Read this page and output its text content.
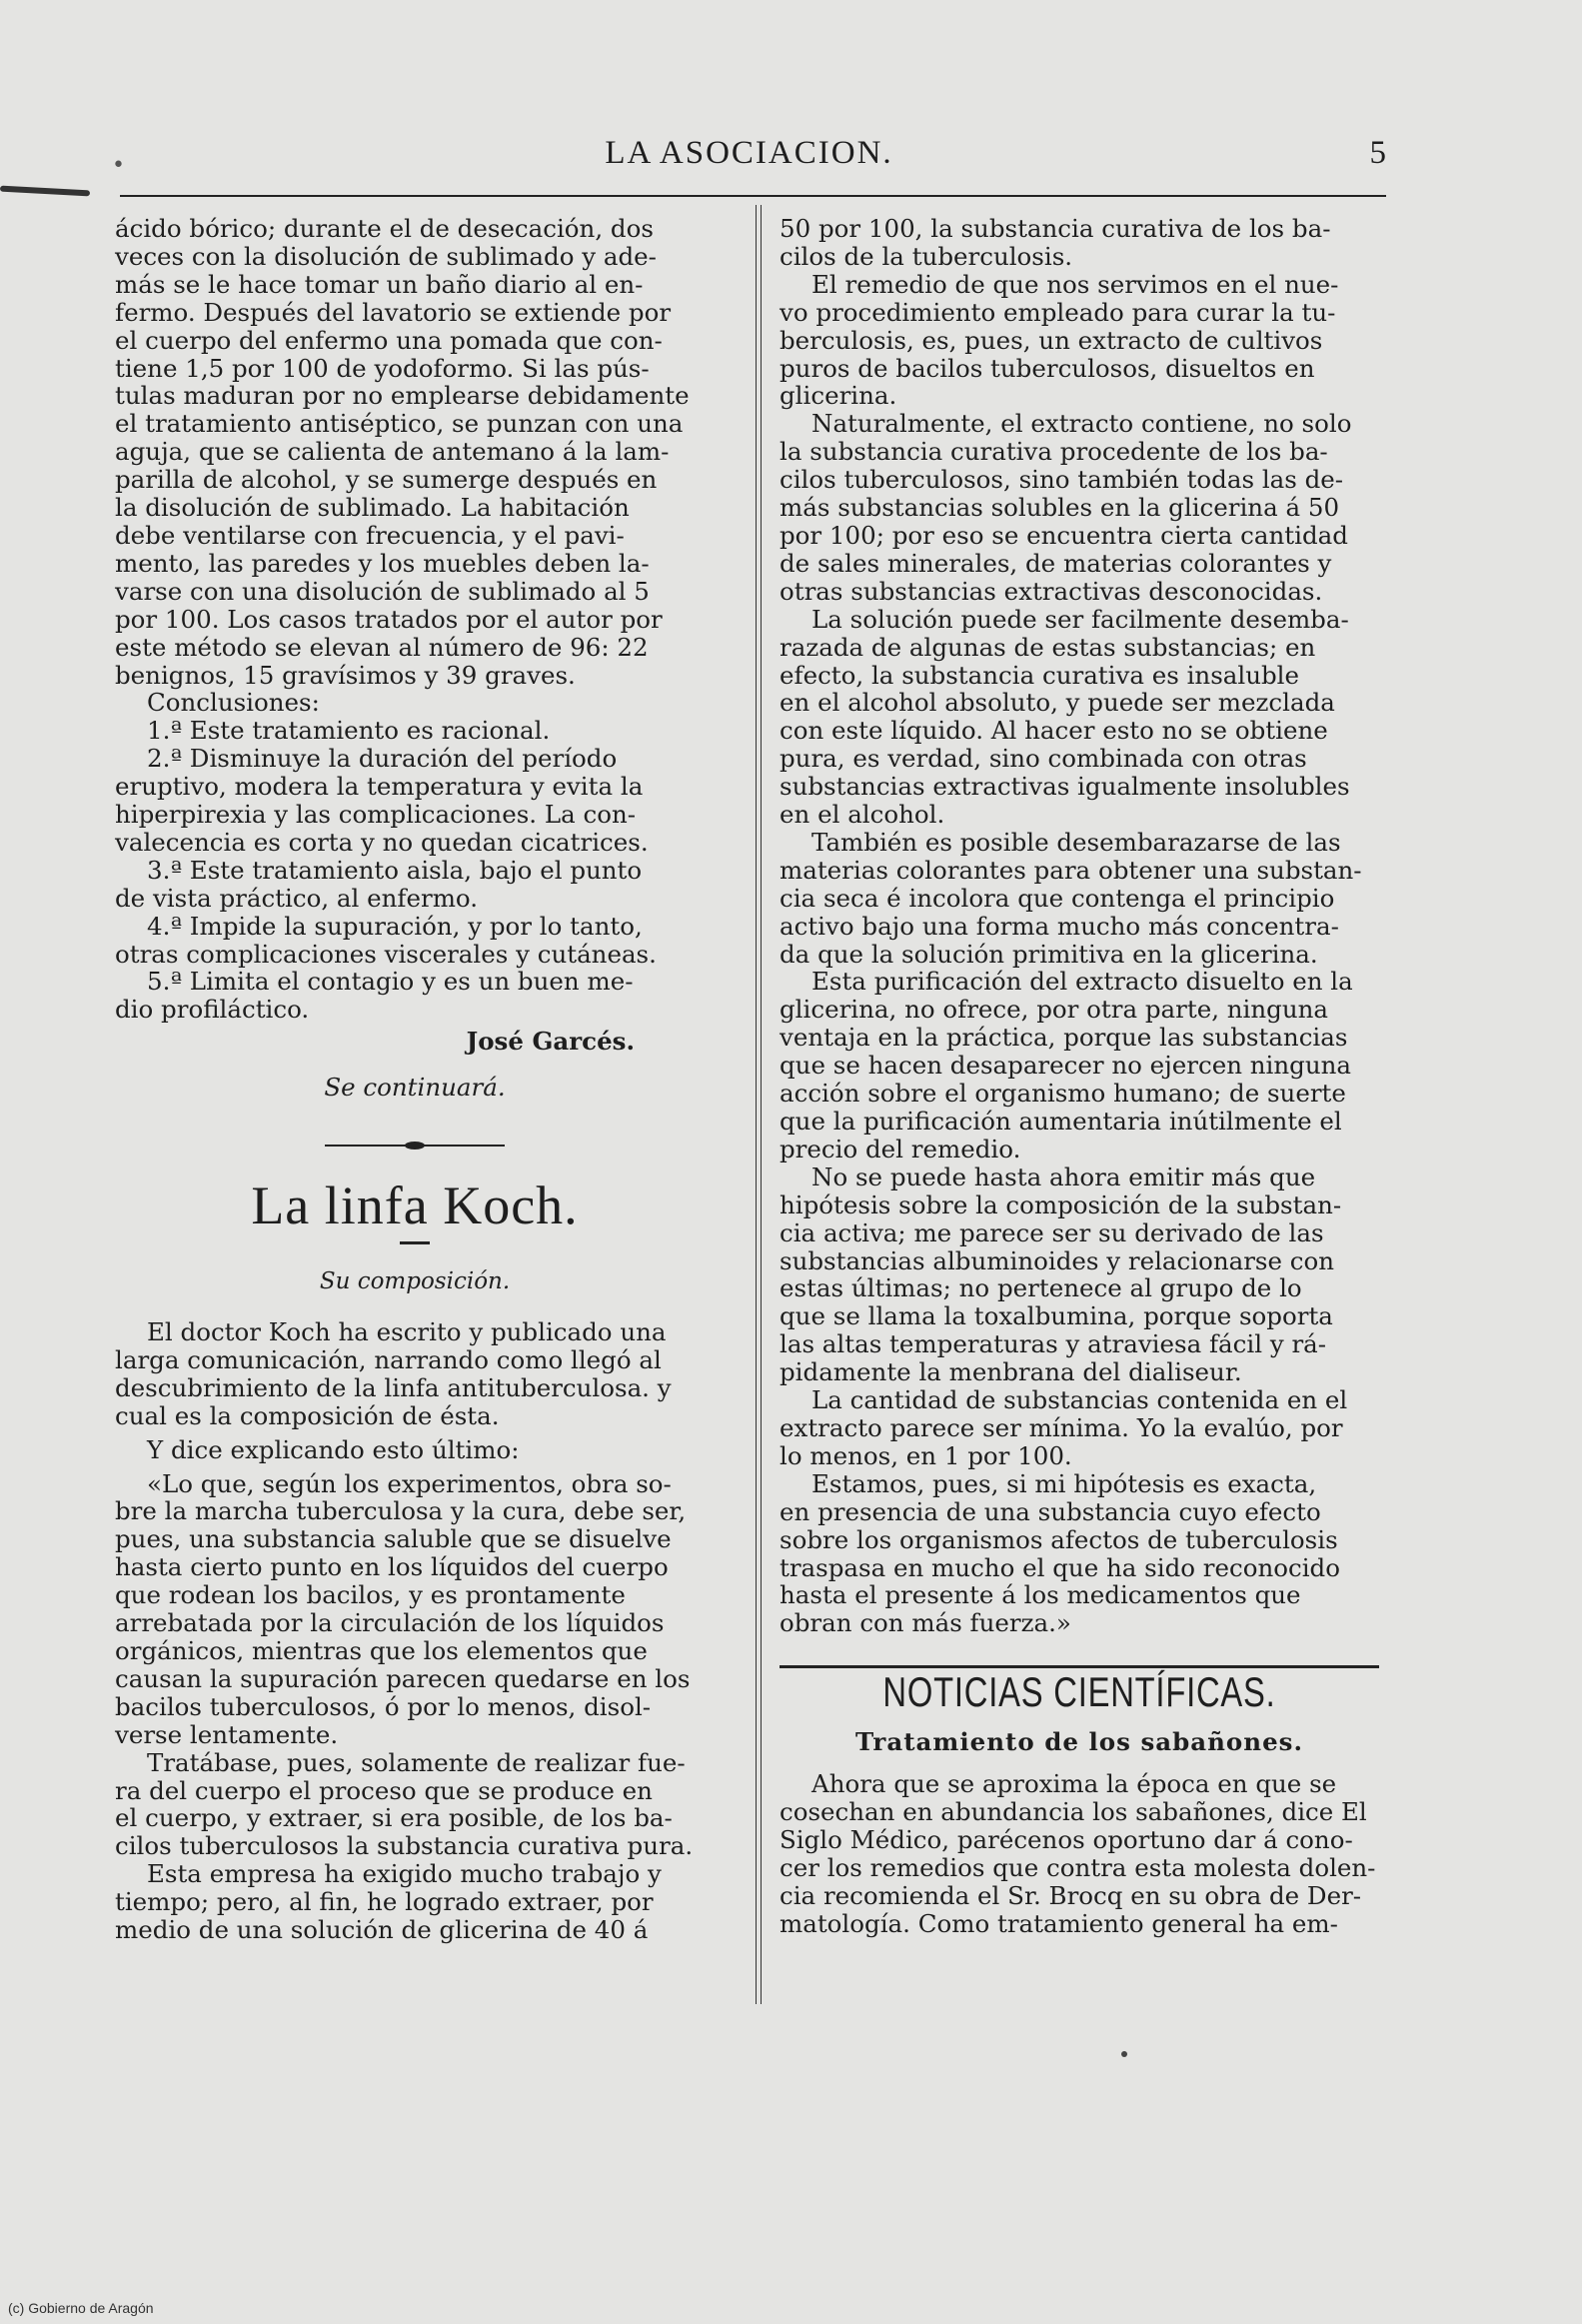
•	LA ASOCIACION.	5

ácido bórico; durante el de desecación, dos
veces con la disolución de sublimado y ade-
más se le hace tomar un baño diario al en-
fermo. Después del lavatorio se extiende por
el cuerpo del enfermo una pomada que con-
tiene 1,5 por 100 de yodoformo. Si las pús-
tulas maduran por no emplearse debidamente
el tratamiento antiséptico, se punzan con una
aguja, que se calienta de antemano á la lam-
parilla de alcohol, y se sumerge después en
la disolución de sublimado. La habitación
debe ventilarse con frecuencia, y el pavi-
mento, las paredes y los muebles deben la-
varse con una disolución de sublimado al 5
por 100. Los casos tratados por el autor por
este método se elevan al número de 96: 22
benignos, 15 gravísimos y 39 graves.

Conclusiones:

1.ª Este tratamiento es racional.

2.ª Disminuye la duración del período
eruptivo, modera la temperatura y evita la
hiperpirexia y las complicaciones. La con-
valecencia es corta y no quedan cicatrices.

3.ª Este tratamiento aisla, bajo el punto
de vista práctico, al enfermo.

4.ª Impide la supuración, y por lo tanto,
otras complicaciones viscerales y cutáneas.

5.ª Limita el contagio y es un buen me-
dio profiláctico.

José Garcés.
Se continuará.
La linfa Koch.
Su composición.

El doctor Koch ha escrito y publicado una
larga comunicación, narrando como llegó al
descubrimiento de la linfa antituberculosa. y
cual es la composición de ésta.

Y dice explicando esto último:

«Lo que, según los experimentos, obra so-
bre la marcha tuberculosa y la cura, debe ser,
pues, una substancia saluble que se disuelve
hasta cierto punto en los líquidos del cuerpo
que rodean los bacilos, y es prontamente
arrebatada por la circulación de los líquidos
orgánicos, mientras que los elementos que
causan la supuración parecen quedarse en los
bacilos tuberculosos, ó por lo menos, disol-
verse lentamente.

Tratábase, pues, solamente de realizar fue-
ra del cuerpo el proceso que se produce en
el cuerpo, y extraer, si era posible, de los ba-
cilos tuberculosos la substancia curativa pura.

Esta empresa ha exigido mucho trabajo y
tiempo; pero, al fin, he logrado extraer, por
medio de una solución de glicerina de 40 á

50 por 100, la substancia curativa de los ba-
cilos de la tuberculosis.

El remedio de que nos servimos en el nue-
vo procedimiento empleado para curar la tu-
berculosis, es, pues, un extracto de cultivos
puros de bacilos tuberculosos, disueltos en
glicerina.

Naturalmente, el extracto contiene, no solo
la substancia curativa procedente de los ba-
cilos tuberculosos, sino también todas las de-
más substancias solubles en la glicerina á 50
por 100; por eso se encuentra cierta cantidad
de sales minerales, de materias colorantes y
otras substancias extractivas desconocidas.

La solución puede ser facilmente desemba-
razada de algunas de estas substancias; en
efecto, la substancia curativa es insaluble
en el alcohol absoluto, y puede ser mezclada
con este líquido. Al hacer esto no se obtiene
pura, es verdad, sino combinada con otras
substancias extractivas igualmente insolubles
en el alcohol.

También es posible desembarazarse de las
materias colorantes para obtener una substan-
cia seca é incolora que contenga el principio
activo bajo una forma mucho más concentra-
da que la solución primitiva en la glicerina.

Esta purificación del extracto disuelto en la
glicerina, no ofrece, por otra parte, ninguna
ventaja en la práctica, porque las substancias
que se hacen desaparecer no ejercen ninguna
acción sobre el organismo humano; de suerte
que la purificación aumentaria inútilmente el
precio del remedio.

No se puede hasta ahora emitir más que
hipótesis sobre la composición de la substan-
cia activa; me parece ser su derivado de las
substancias albuminoides y relacionarse con
estas últimas; no pertenece al grupo de lo
que se llama la toxalbumina, porque soporta
las altas temperaturas y atraviesa fácil y rá-
pidamente la menbrana del dialiseur.

La cantidad de substancias contenida en el
extracto parece ser mínima. Yo la evalúo, por
lo menos, en 1 por 100.

Estamos, pues, si mi hipótesis es exacta,
en presencia de una substancia cuyo efecto
sobre los organismos afectos de tuberculosis
traspasa en mucho el que ha sido reconocido
hasta el presente á los medicamentos que
obran con más fuerza.»

NOTICIAS CIENTÍFICAS.
Tratamiento de los sabañones.

Ahora que se aproxima la época en que se
cosechan en abundancia los sabañones, dice El
Siglo Médico, parécenos oportuno dar á cono-
cer los remedios que contra esta molesta dolen-
cia recomienda el Sr. Brocq en su obra de Der-
matología. Como tratamiento general ha em-

(c) Gobierno de Aragón
